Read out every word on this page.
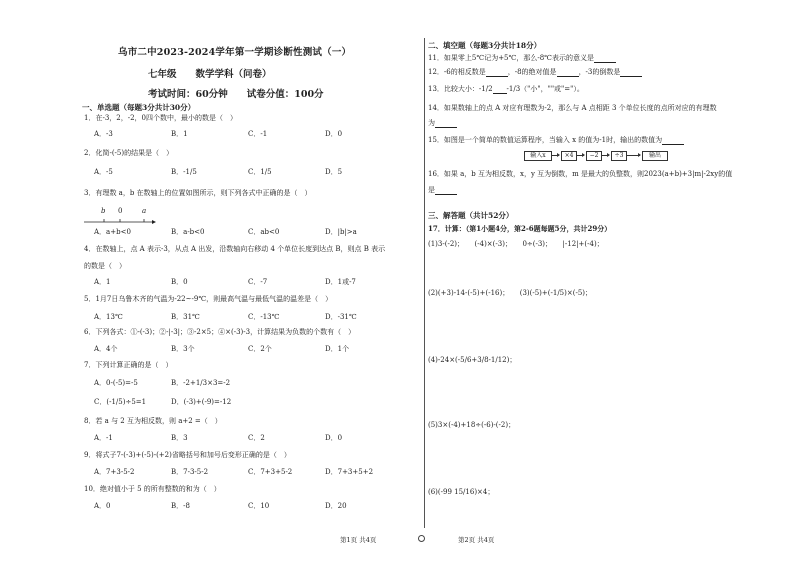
乌市二中2023-2024学年第一学期诊断性测试（一）
七年级　　数学学科（问卷）
考试时间：60分钟　　试卷分值：100分
一、单选题（每题3分共计30分）
1．在-3，2，-2，0四个数中，最小的数是（　）
A．-3	B．1	C．-1	D．0
2．化简-(-5)的结果是（　）
A．-5	B．-1/5	C．1/5	D．5
3．有理数 a，b 在数轴上的位置如图所示，则下列各式中正确的是（　）
b 0	a
A．a+b<0	B．a-b<0	C．ab<0	D．|b|>a
4．在数轴上，点 A 表示-3，从点 A 出发，沿数轴向右移动 4 个单位长度到达点 B，则点 B 表示
的数是（　）
A．1	B．0	C．-7	D．1或-7
5．1月7日乌鲁木齐的气温为-22~-9℃，则最高气温与最低气温的温差是（　）
A．13℃	B．31℃	C．-13℃	D．-31℃
6．下列各式：①-(-3)；②-|-3|；③-2×5；④×(-3)-3，计算结果为负数的个数有（　）
A．4个	B．3个	C．2个	D．1个
7．下列计算正确的是（　）
A．0-(-5)=-5	B．-2+1/3×3=-2
C．(-1/5)÷5=1	D．(-3)+(-9)=-12
8．若 a 与 2 互为相反数，则 a+2 =（　）
A．-1	B．3	C．2	D．0
9．将式子7-(-3)+(-5)-(+2)省略括号和加号后变形正确的是（　）
A．7+3-5-2	B．7-3-5-2	C．7+3+5-2	D．7+3+5+2
10．绝对值小于 5 的所有整数的和为（　）
A．0	B．-8	C．10	D．20
二、填空题（每题3分共计18分）
11．如果零上5℃记为+5℃，那么-8℃表示的意义是
12．-6的相反数是	，-8的绝对值是	，-3的倒数是
13．比较大小：-1/2 -1/3（"小"，""或"="）。
14．如果数轴上的点 A 对应有理数为-2，那么与 A 点相距 3 个单位长度的点所对应的有理数
为
15．如图是一个简单的数值运算程序，当输入 x 的值为-1时，输出的数值为
输入x	×4	−2	÷3	输出
16．如果 a，b 互为相反数，x，y 互为倒数，m 是最大的负整数，则2023(a+b)+3|m|-2xy的值
是
三、解答题（共计52分）
17．计算：（第1小题4分，第2-6题每题5分，共计29分）
(1)3-(-2)；　　(-4)×(-3)；　　0÷(-3)；　　|-12|+(-4)；
(2)(+3)-14-(-5)+(-16)；　　(3)(-5)+(-1/5)×(-5)；
(4)-24×(-5/6+3/8-1/12)；
(5)3×(-4)+18÷(-6)-(-2)；
(6)(-99 15/16)×4；
第1页 共4页	第2页 共4页
